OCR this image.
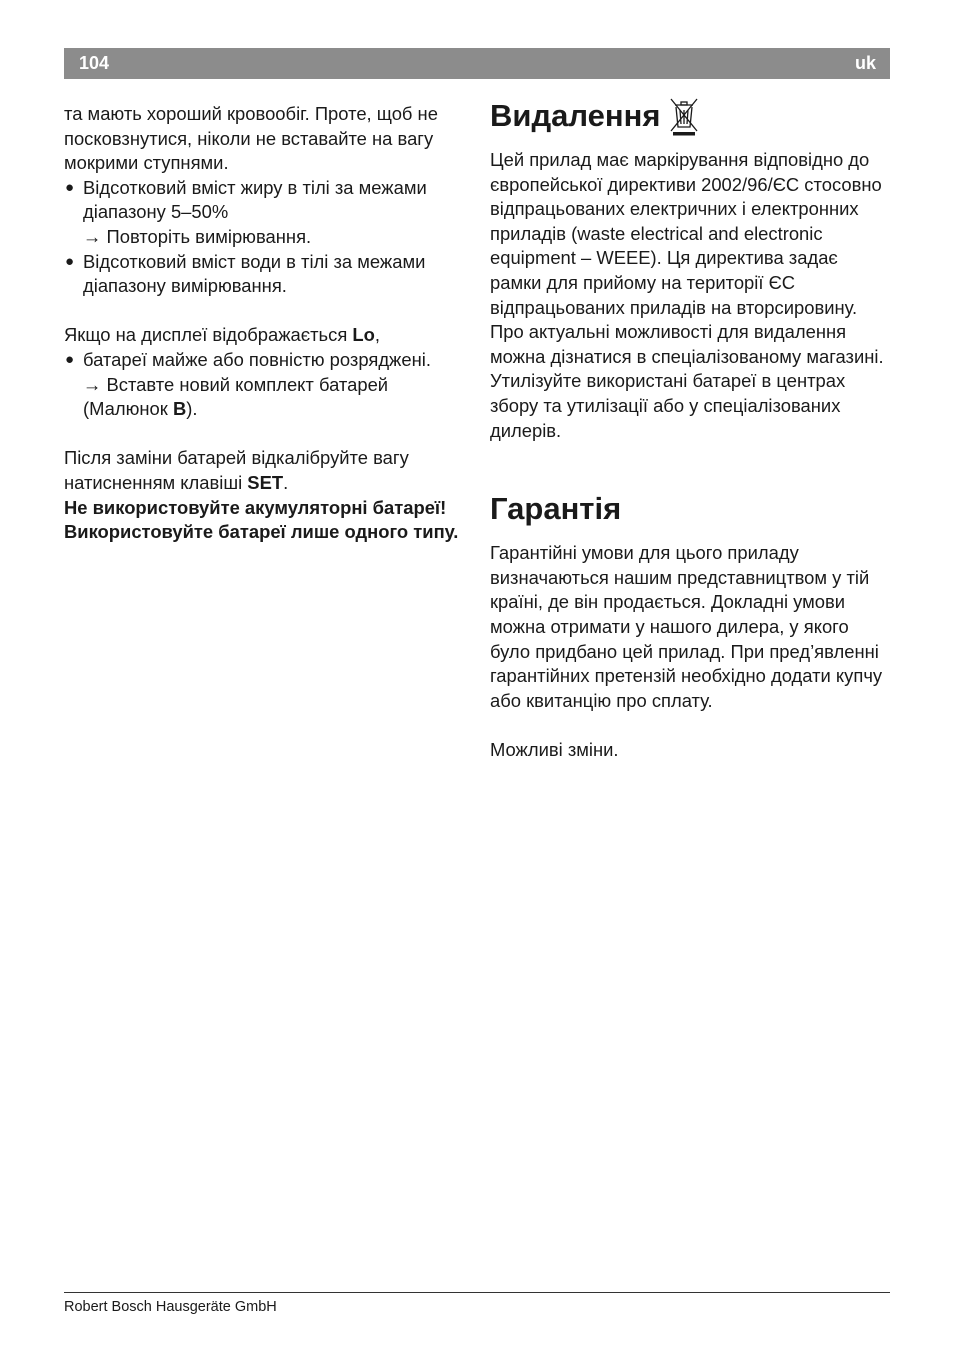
104	uk

та мають хороший кровообіг. Проте, щоб не посковзнутися, ніколи не вставайте на вагу мокрими ступнями.

● Відсотковий вміст жиру в тілі за межами діапазону 5–50%

→ Повторіть вимірювання.

● Відсотковий вміст води в тілі за межами діапазону вимірювання.

Якщо на дисплеї відображається Lo,

● батареї майже або повністю розряджені.

→ Вставте новий комплект батарей

(Малюнок B).

Після заміни батарей відкалібруйте вагу натисненням клавіші SET.

Не використовуйте акумуляторні батареї! Використовуйте батареї лише одного типу.

Видалення

Цей прилад має маркірування відповідно до європейської директиви 2002/96/ЄС стосовно відпрацьованих електричних і електронних приладів (waste electrical and electronic equipment – WEEE). Ця директива задає рамки для прийому на території ЄС відпрацьованих приладів на вторсировину.

Про актуальні можливості для видалення можна дізнатися в спеціалізованому магазині.

Утилізуйте використані батареї в центрах збору та утилізації або у спеціалізованих дилерів.

Гарантія

Гарантійні умови для цього приладу визначаються нашим представництвом у тій країні, де він продається. Докладні умови можна отримати у нашого дилера, у якого було придбано цей прилад. При пред’явленні гарантійних претензій необхідно додати купчу або квитанцію про сплату.

Можливі зміни.

Robert Bosch Hausgeräte GmbH
